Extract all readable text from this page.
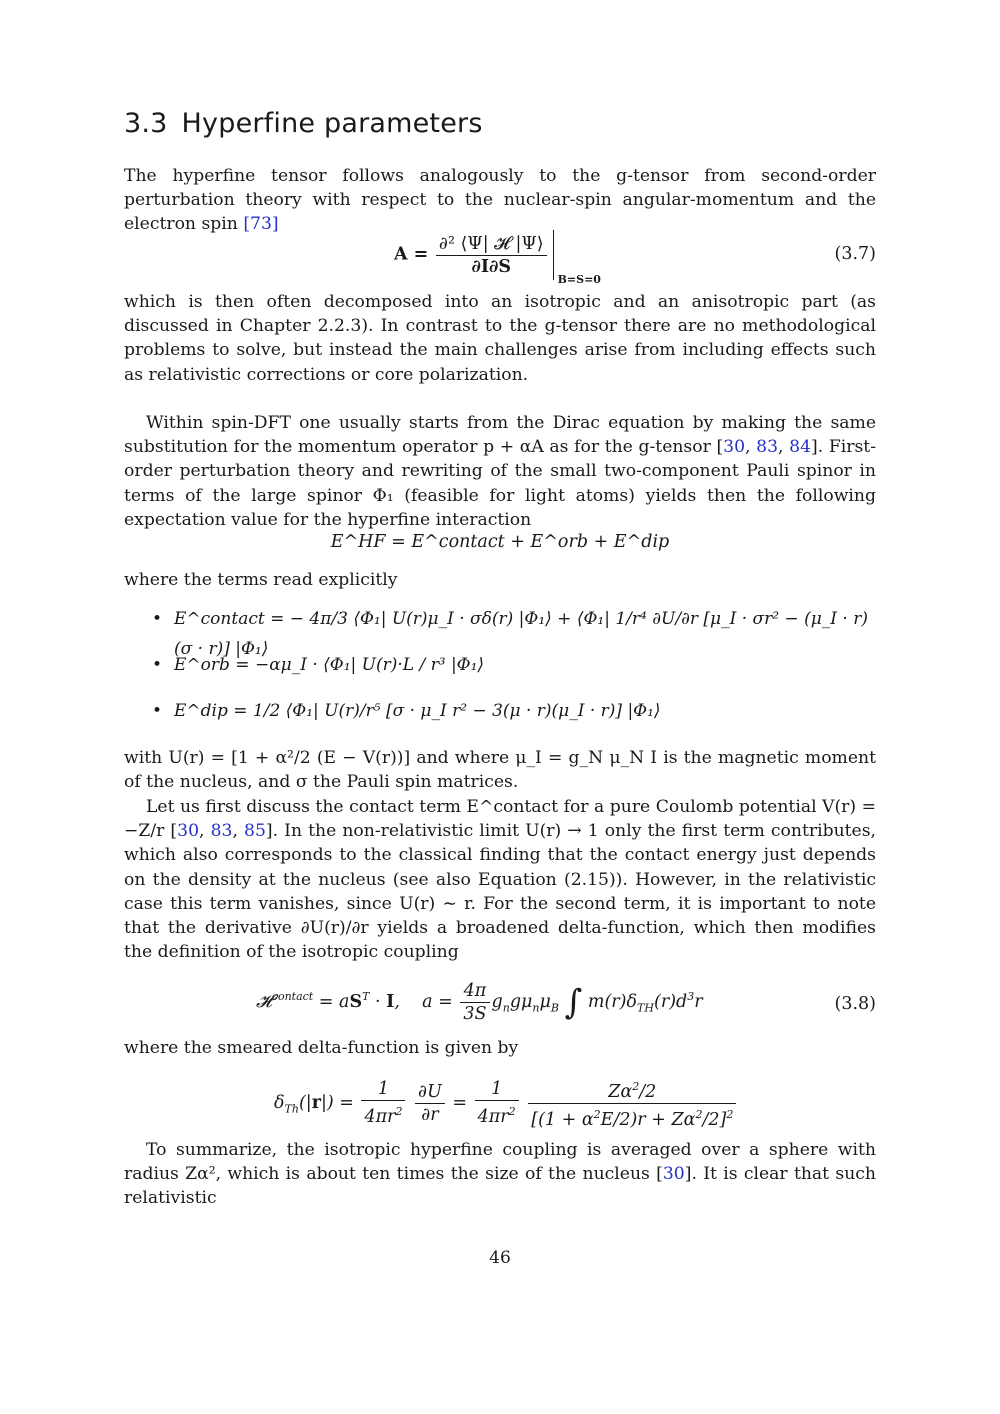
3.3 Hyperfine parameters

The hyperfine tensor follows analogously to the g-tensor from second-order perturbation theory with respect to the nuclear-spin angular-momentum and the electron spin [73]

$A = \frac{\text{∂² ⟨Ψ| 𝓗 |Ψ⟩}}{\partial I\partial S}$
B=S=0
(3.7)

which is then often decomposed into an isotropic and an anisotropic part (as discussed in Chapter 2.2.3). In contrast to the g-tensor there are no methodological problems to solve, but instead the main challenges arise from including effects such as relativistic corrections or core polarization.

Within spin-DFT one usually starts from the Dirac equation by making the same substitution for the momentum operator p + αA as for the g-tensor [30, 83, 84]. First-order perturbation theory and rewriting of the small two-component Pauli spinor in terms of the large spinor Φ₁ (feasible for light atoms) yields then the following expectation value for the hyperfine interaction

E^HF = E^contact + E^orb + E^dip

where the terms read explicitly

• E^contact = − 4π/3 ⟨Φ₁| U(r)μ_I · σδ(r) |Φ₁⟩ + ⟨Φ₁| 1/r⁴ ∂U/∂r [μ_I · σr² − (μ_I · r)(σ · r)] |Φ₁⟩
• E^orb = −αμ_I · ⟨Φ₁| U(r)·L / r³ |Φ₁⟩
• E^dip = 1/2 ⟨Φ₁| U(r)/r⁵ [σ · μ_I r² − 3(μ · r)(μ_I · r)] |Φ₁⟩

with U(r) = [1 + α²/2 (E − V(r))] and where μ_I = g_N μ_N I is the magnetic moment of the nucleus, and σ the Pauli spin matrices.

Let us first discuss the contact term E^contact for a pure Coulomb potential V(r) = −Z/r [30, 83, 85]. In the non-relativistic limit U(r) → 1 only the first term contributes, which also corresponds to the classical finding that the contact energy just depends on the density at the nucleus (see also Equation (2.15)). However, in the relativistic case this term vanishes, since U(r) ∼ r. For the second term, it is important to note that the derivative ∂U(r)/∂r yields a broadened delta-function, which then modifies the definition of the isotropic coupling

𝓗$^{contact}$ = $aS^T \cdot I$,    $a = \frac{4\pi}{3S} g_ng\mu_n\mu_B$ ∫ $m(r)\delta_{TH}(r)d^3r$	(3.8)

where the smeared delta-function is given by

$\delta_{Th}(|r|) = \frac{1}{4\pi r^2}$
$\frac{\partial U}{\partial r} = \frac{1}{4\pi r^2}$
$\frac{Z\alpha^2/2}{[(1 + \alpha^2E/2)r + Z\alpha^2/2]^2}$

To summarize, the isotropic hyperfine coupling is averaged over a sphere with radius Zα², which is about ten times the size of the nucleus [30]. It is clear that such relativistic

46
